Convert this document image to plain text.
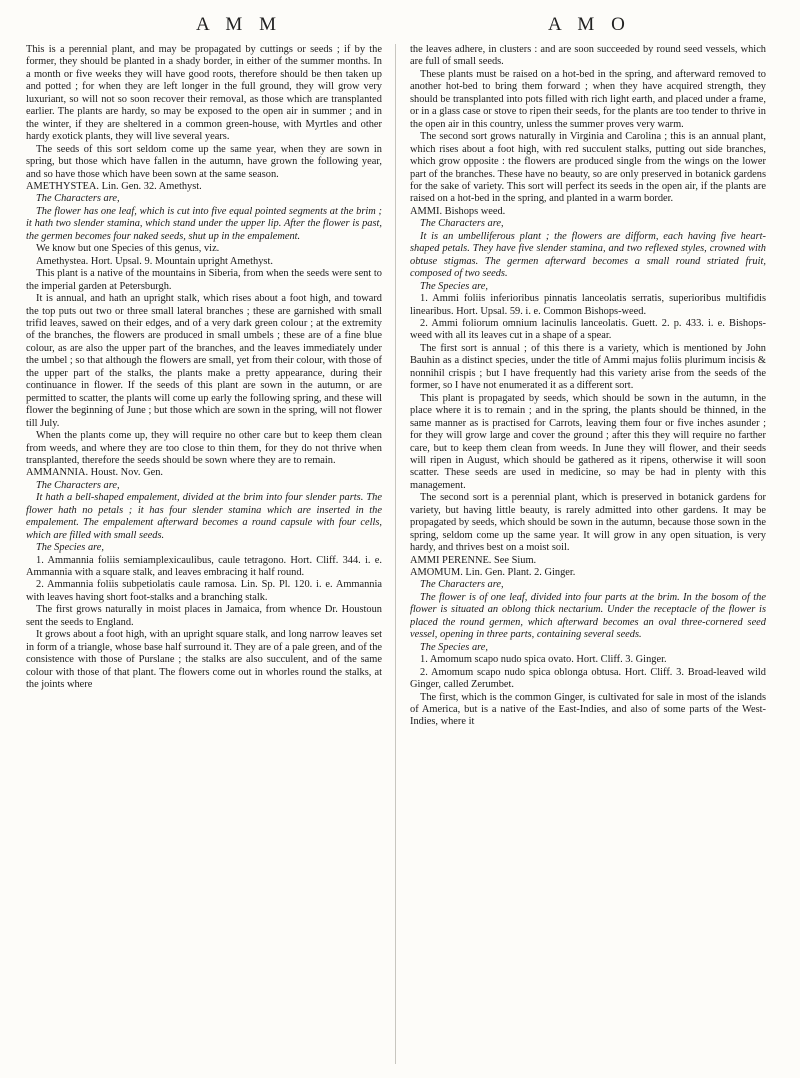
A M M	A M O

This is a perennial plant, and may be propagated by cuttings or seeds ; if by the former, they should be planted in a shady border, in either of the summer months. In a month or five weeks they will have good roots, therefore should be then taken up and potted ; for when they are left longer in the full ground, they will grow very luxuriant, so will not so soon recover their removal, as those which are transplanted earlier. The plants are hardy, so may be exposed to the open air in summer ; and in the winter, if they are sheltered in a common green-house, with Myrtles and other hardy exotick plants, they will live several years.

The seeds of this sort seldom come up the same year, when they are sown in spring, but those which have fallen in the autumn, have grown the following year, and so have those which have been sown at the same season.

AMETHYSTEA. Lin. Gen. 32. Amethyst.

The Characters are,

The flower has one leaf, which is cut into five equal pointed segments at the brim ; it hath two slender stamina, which stand under the upper lip. After the flower is past, the germen becomes four naked seeds, shut up in the empalement.

We know but one Species of this genus, viz.

Amethystea. Hort. Upsal. 9. Mountain upright Amethyst.

This plant is a native of the mountains in Siberia, from when the seeds were sent to the imperial garden at Petersburgh.

It is annual, and hath an upright stalk, which rises about a foot high, and toward the top puts out two or three small lateral branches ; these are garnished with small trifid leaves, sawed on their edges, and of a very dark green colour ; at the extremity of the branches, the flowers are produced in small umbels ; these are of a fine blue colour, as are also the upper part of the branches, and the leaves immediately under the umbel ; so that although the flowers are small, yet from their colour, with those of the upper part of the stalks, the plants make a pretty appearance, during their continuance in flower. If the seeds of this plant are sown in the autumn, or are permitted to scatter, the plants will come up early the following spring, and these will flower the beginning of June ; but those which are sown in the spring, will not flower till July.

When the plants come up, they will require no other care but to keep them clean from weeds, and where they are too close to thin them, for they do not thrive when transplanted, therefore the seeds should be sown where they are to remain.

AMMANNIA. Houst. Nov. Gen.

The Characters are,

It hath a bell-shaped empalement, divided at the brim into four slender parts. The flower hath no petals ; it has four slender stamina which are inserted in the empalement. The empalement afterward becomes a round capsule with four cells, which are filled with small seeds.

The Species are,

1. Ammannia foliis semiamplexicaulibus, caule tetragono. Hort. Cliff. 344. i. e. Ammannia with a square stalk, and leaves embracing it half round.

2. Ammannia foliis subpetiolatis caule ramosa. Lin. Sp. Pl. 120. i. e. Ammannia with leaves having short foot-stalks and a branching stalk.

The first grows naturally in moist places in Jamaica, from whence Dr. Houstoun sent the seeds to England.

It grows about a foot high, with an upright square stalk, and long narrow leaves set in form of a triangle, whose base half surround it. They are of a pale green, and of the consistence with those of Purslane ; the stalks are also succulent, and of the same colour with those of that plant. The flowers come out in whorles round the stalks, at the joints where

the leaves adhere, in clusters : and are soon succeeded by round seed vessels, which are full of small seeds.

These plants must be raised on a hot-bed in the spring, and afterward removed to another hot-bed to bring them forward ; when they have acquired strength, they should be transplanted into pots filled with rich light earth, and placed under a frame, or in a glass case or stove to ripen their seeds, for the plants are too tender to thrive in the open air in this country, unless the summer proves very warm.

The second sort grows naturally in Virginia and Carolina ; this is an annual plant, which rises about a foot high, with red succulent stalks, putting out side branches, which grow opposite : the flowers are produced single from the wings on the lower part of the branches. These have no beauty, so are only preserved in botanick gardens for the sake of variety. This sort will perfect its seeds in the open air, if the plants are raised on a hot-bed in the spring, and planted in a warm border.

AMMI. Bishops weed.

The Characters are,

It is an umbelliferous plant ; the flowers are difform, each having five heart-shaped petals. They have five slender stamina, and two reflexed styles, crowned with obtuse stigmas. The germen afterward becomes a small round striated fruit, composed of two seeds.

The Species are,

1. Ammi foliis inferioribus pinnatis lanceolatis serratis, superioribus multifidis linearibus. Hort. Upsal. 59. i. e. Common Bishops-weed.

2. Ammi foliorum omnium lacinulis lanceolatis. Guett. 2. p. 433. i. e. Bishops-weed with all its leaves cut in a shape of a spear.

The first sort is annual ; of this there is a variety, which is mentioned by John Bauhin as a distinct species, under the title of Ammi majus foliis plurimum incisis & nonnihil crispis ; but I have frequently had this variety arise from the seeds of the former, so I have not enumerated it as a different sort.

This plant is propagated by seeds, which should be sown in the autumn, in the place where it is to remain ; and in the spring, the plants should be thinned, in the same manner as is practised for Carrots, leaving them four or five inches asunder ; for they will grow large and cover the ground ; after this they will require no farther care, but to keep them clean from weeds. In June they will flower, and their seeds will ripen in August, which should be gathered as it ripens, otherwise it will soon scatter. These seeds are used in medicine, so may be had in plenty with this management.

The second sort is a perennial plant, which is preserved in botanick gardens for variety, but having little beauty, is rarely admitted into other gardens. It may be propagated by seeds, which should be sown in the autumn, because those sown in the spring, seldom come up the same year. It will grow in any open situation, is very hardy, and thrives best on a moist soil.

AMMI PERENNE. See Sium.

AMOMUM. Lin. Gen. Plant. 2. Ginger.

The Characters are,

The flower is of one leaf, divided into four parts at the brim. In the bosom of the flower is situated an oblong thick nectarium. Under the receptacle of the flower is placed the round germen, which afterward becomes an oval three-cornered seed vessel, opening in three parts, containing several seeds.

The Species are,

1. Amomum scapo nudo spica ovato. Hort. Cliff. 3. Ginger.

2. Amomum scapo nudo spica oblonga obtusa. Hort. Cliff. 3. Broad-leaved wild Ginger, called Zerumbet.

The first, which is the common Ginger, is cultivated for sale in most of the islands of America, but is a native of the East-Indies, and also of some parts of the West-Indies, where it
